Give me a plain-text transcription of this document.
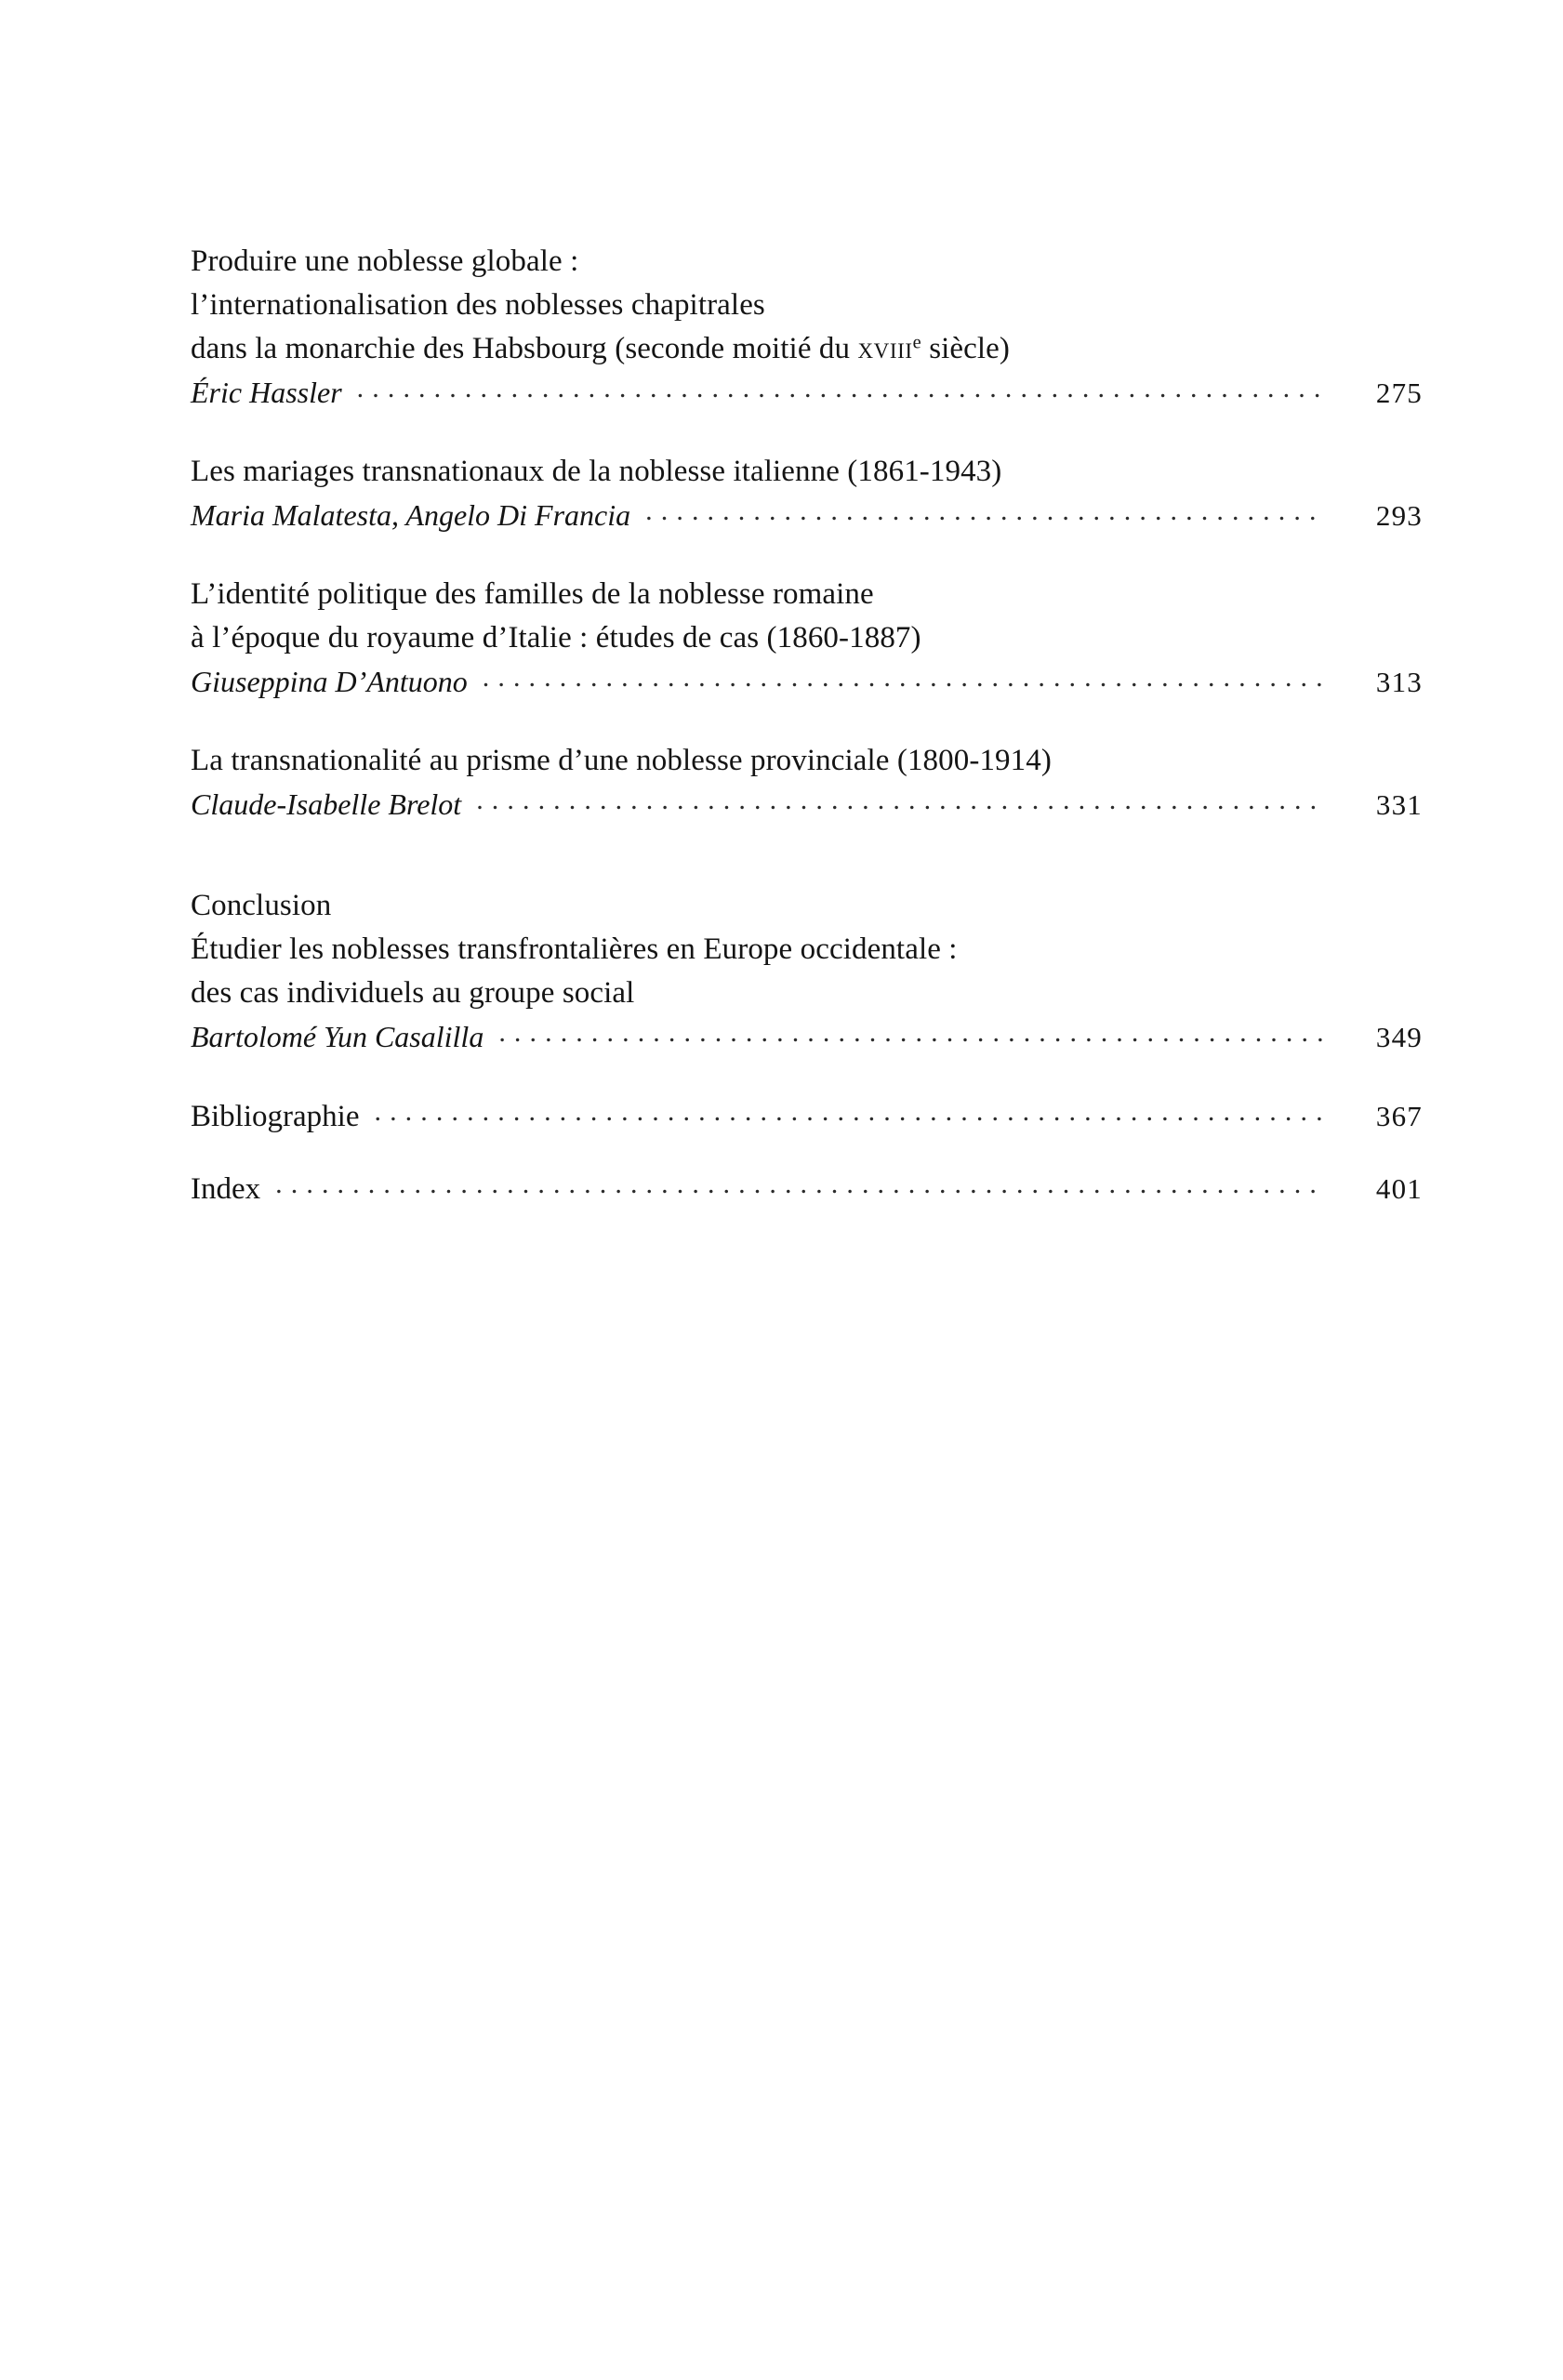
Produire une noblesse globale :
l’internationalisation des noblesses chapitrales
dans la monarchie des Habsbourg (seconde moitié du xviii$^e$ siècle)
Éric Hassler .....	275
Les mariages transnationaux de la noblesse italienne (1861-1943)
Maria Malatesta, Angelo Di Francia .....	293
L’identité politique des familles de la noblesse romaine
à l’époque du royaume d’Italie : études de cas (1860-1887)
Giuseppina D’Antuono .....	313
La transnationalité au prisme d’une noblesse provinciale (1800-1914)
Claude-Isabelle Brelot .....	331
Conclusion
Étudier les noblesses transfrontalières en Europe occidentale :
des cas individuels au groupe social
Bartolomé Yun Casalilla .....	349
Bibliographie .....	367
Index .....	401
